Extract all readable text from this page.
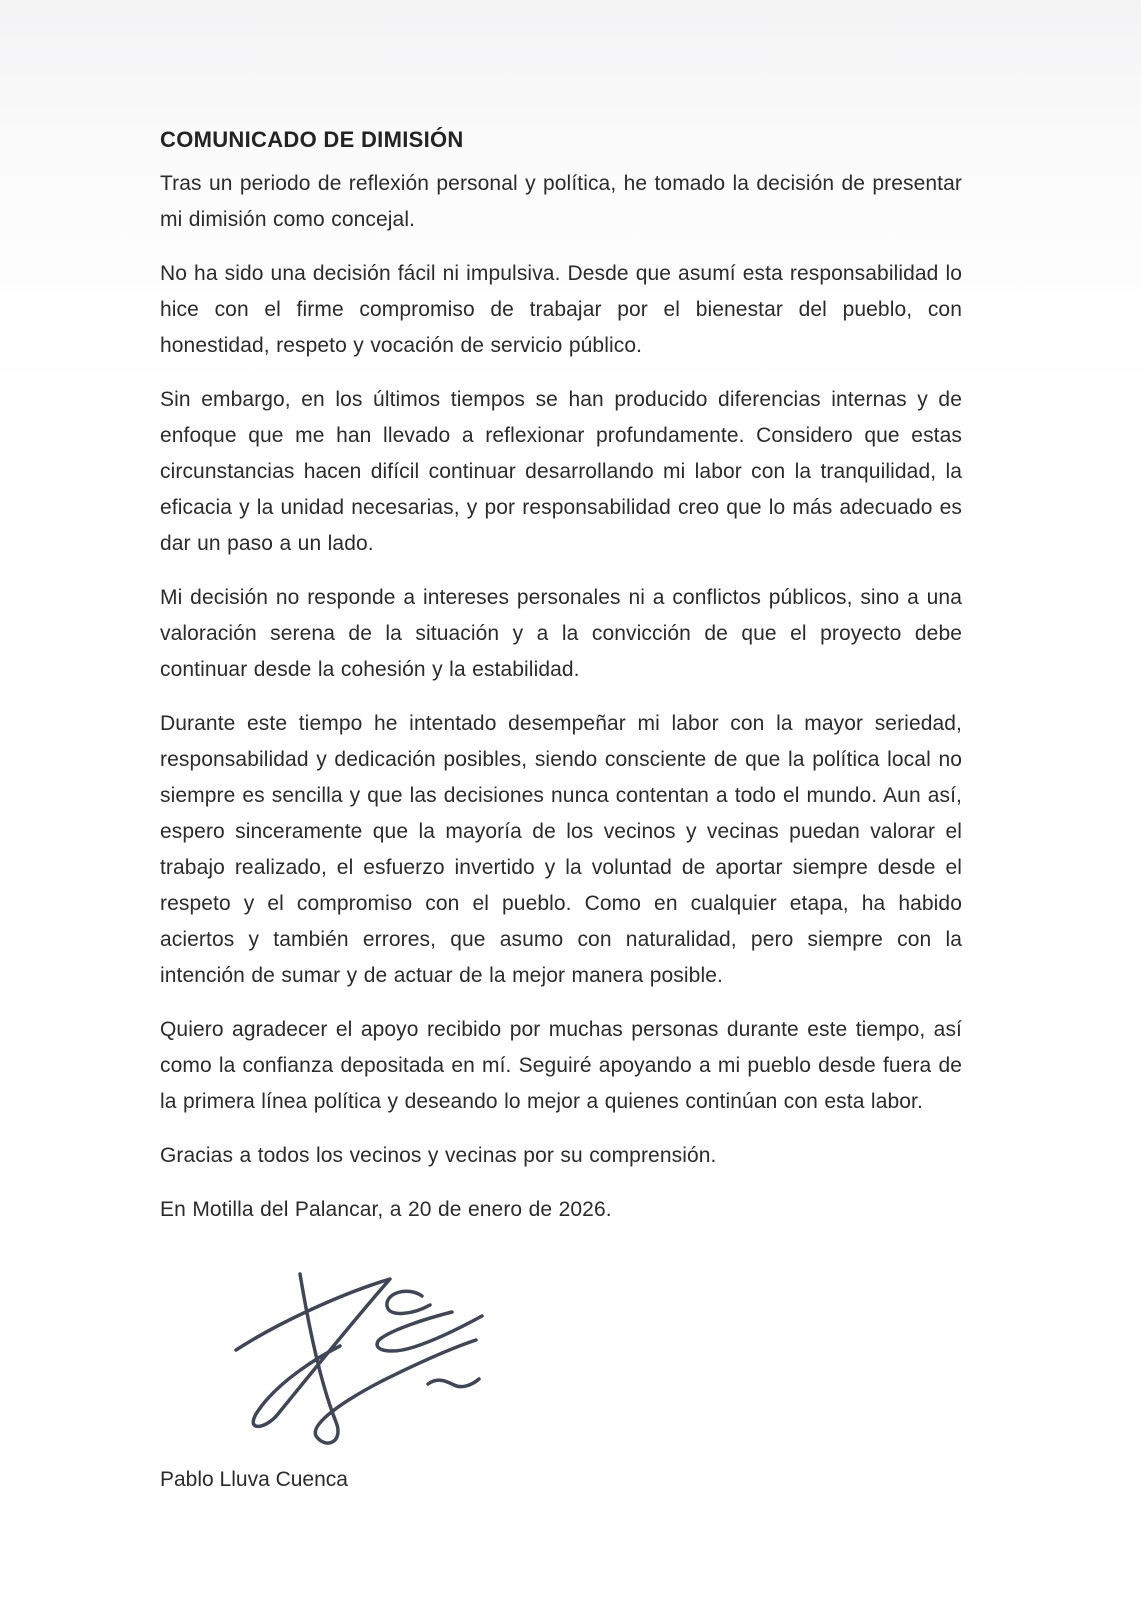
COMUNICADO DE DIMISIÓN

Tras un periodo de reflexión personal y política, he tomado la decisión de presentar mi dimisión como concejal.

No ha sido una decisión fácil ni impulsiva. Desde que asumí esta responsabilidad lo hice con el firme compromiso de trabajar por el bienestar del pueblo, con honestidad, respeto y vocación de servicio público.

Sin embargo, en los últimos tiempos se han producido diferencias internas y de enfoque que me han llevado a reflexionar profundamente. Considero que estas circunstancias hacen difícil continuar desarrollando mi labor con la tranquilidad, la eficacia y la unidad necesarias, y por responsabilidad creo que lo más adecuado es dar un paso a un lado.

Mi decisión no responde a intereses personales ni a conflictos públicos, sino a una valoración serena de la situación y a la convicción de que el proyecto debe continuar desde la cohesión y la estabilidad.

Durante este tiempo he intentado desempeñar mi labor con la mayor seriedad, responsabilidad y dedicación posibles, siendo consciente de que la política local no siempre es sencilla y que las decisiones nunca contentan a todo el mundo. Aun así, espero sinceramente que la mayoría de los vecinos y vecinas puedan valorar el trabajo realizado, el esfuerzo invertido y la voluntad de aportar siempre desde el respeto y el compromiso con el pueblo. Como en cualquier etapa, ha habido aciertos y también errores, que asumo con naturalidad, pero siempre con la intención de sumar y de actuar de la mejor manera posible.

Quiero agradecer el apoyo recibido por muchas personas durante este tiempo, así como la confianza depositada en mí. Seguiré apoyando a mi pueblo desde fuera de la primera línea política y deseando lo mejor a quienes continúan con esta labor.

Gracias a todos los vecinos y vecinas por su comprensión.

En Motilla del Palancar, a 20 de enero de 2026.

Pablo Lluva Cuenca
